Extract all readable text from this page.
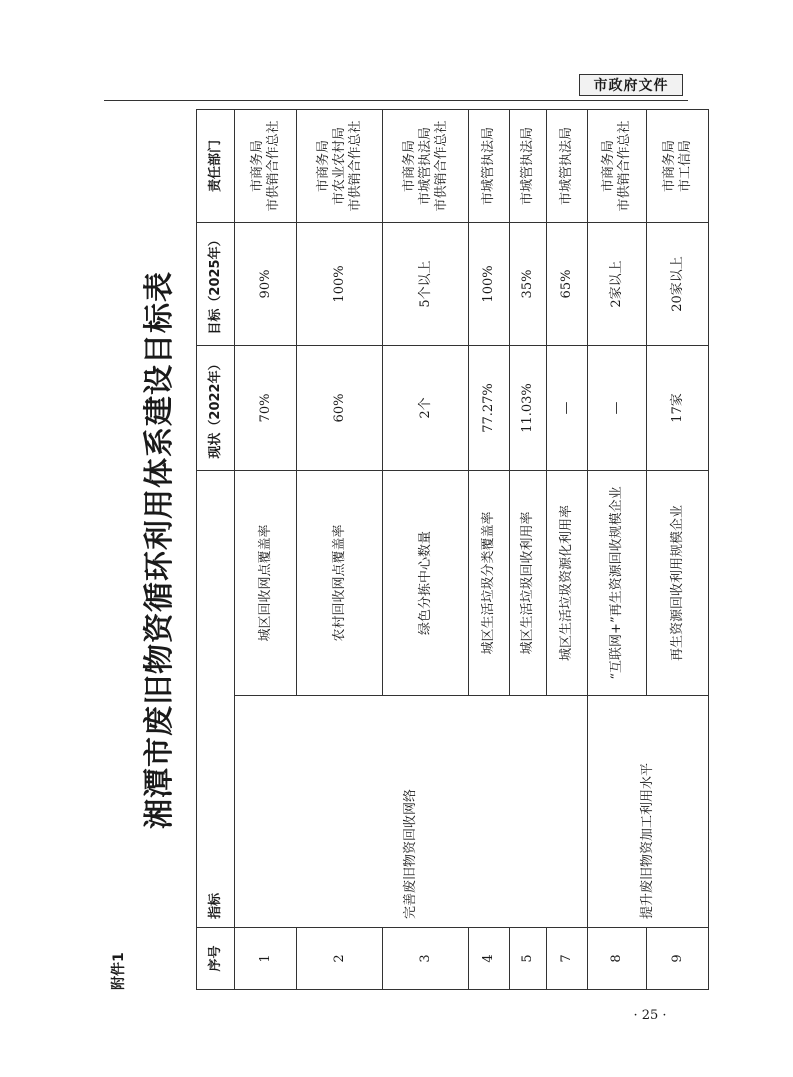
市政府文件
附件1
湘潭市废旧物资循环利用体系建设目标表
序号	指标		现状（2022年）	目标（2025年）	责任部门
1	完善废旧物资回收网络	城区回收网点覆盖率	70%	90%	市商务局
市供销合作总社
2		农村回收网点覆盖率	60%	100%	市商务局
市农业农村局
市供销合作总社
3		绿色分拣中心数量	2个	5个以上	市商务局
市城管执法局
市供销合作总社
4		城区生活垃圾分类覆盖率	77.27%	100%	市城管执法局
5		城区生活垃圾回收利用率	11.03%	35%	市城管执法局
7		城区生活垃圾资源化利用率	—	65%	市城管执法局
8	提升废旧物资加工利用水平	“互联网+”再生资源回收规模企业	—	2家以上	市商务局
市供销合作总社
9		再生资源回收利用规模企业	17家	20家以上	市商务局
市工信局
· 25 ·
